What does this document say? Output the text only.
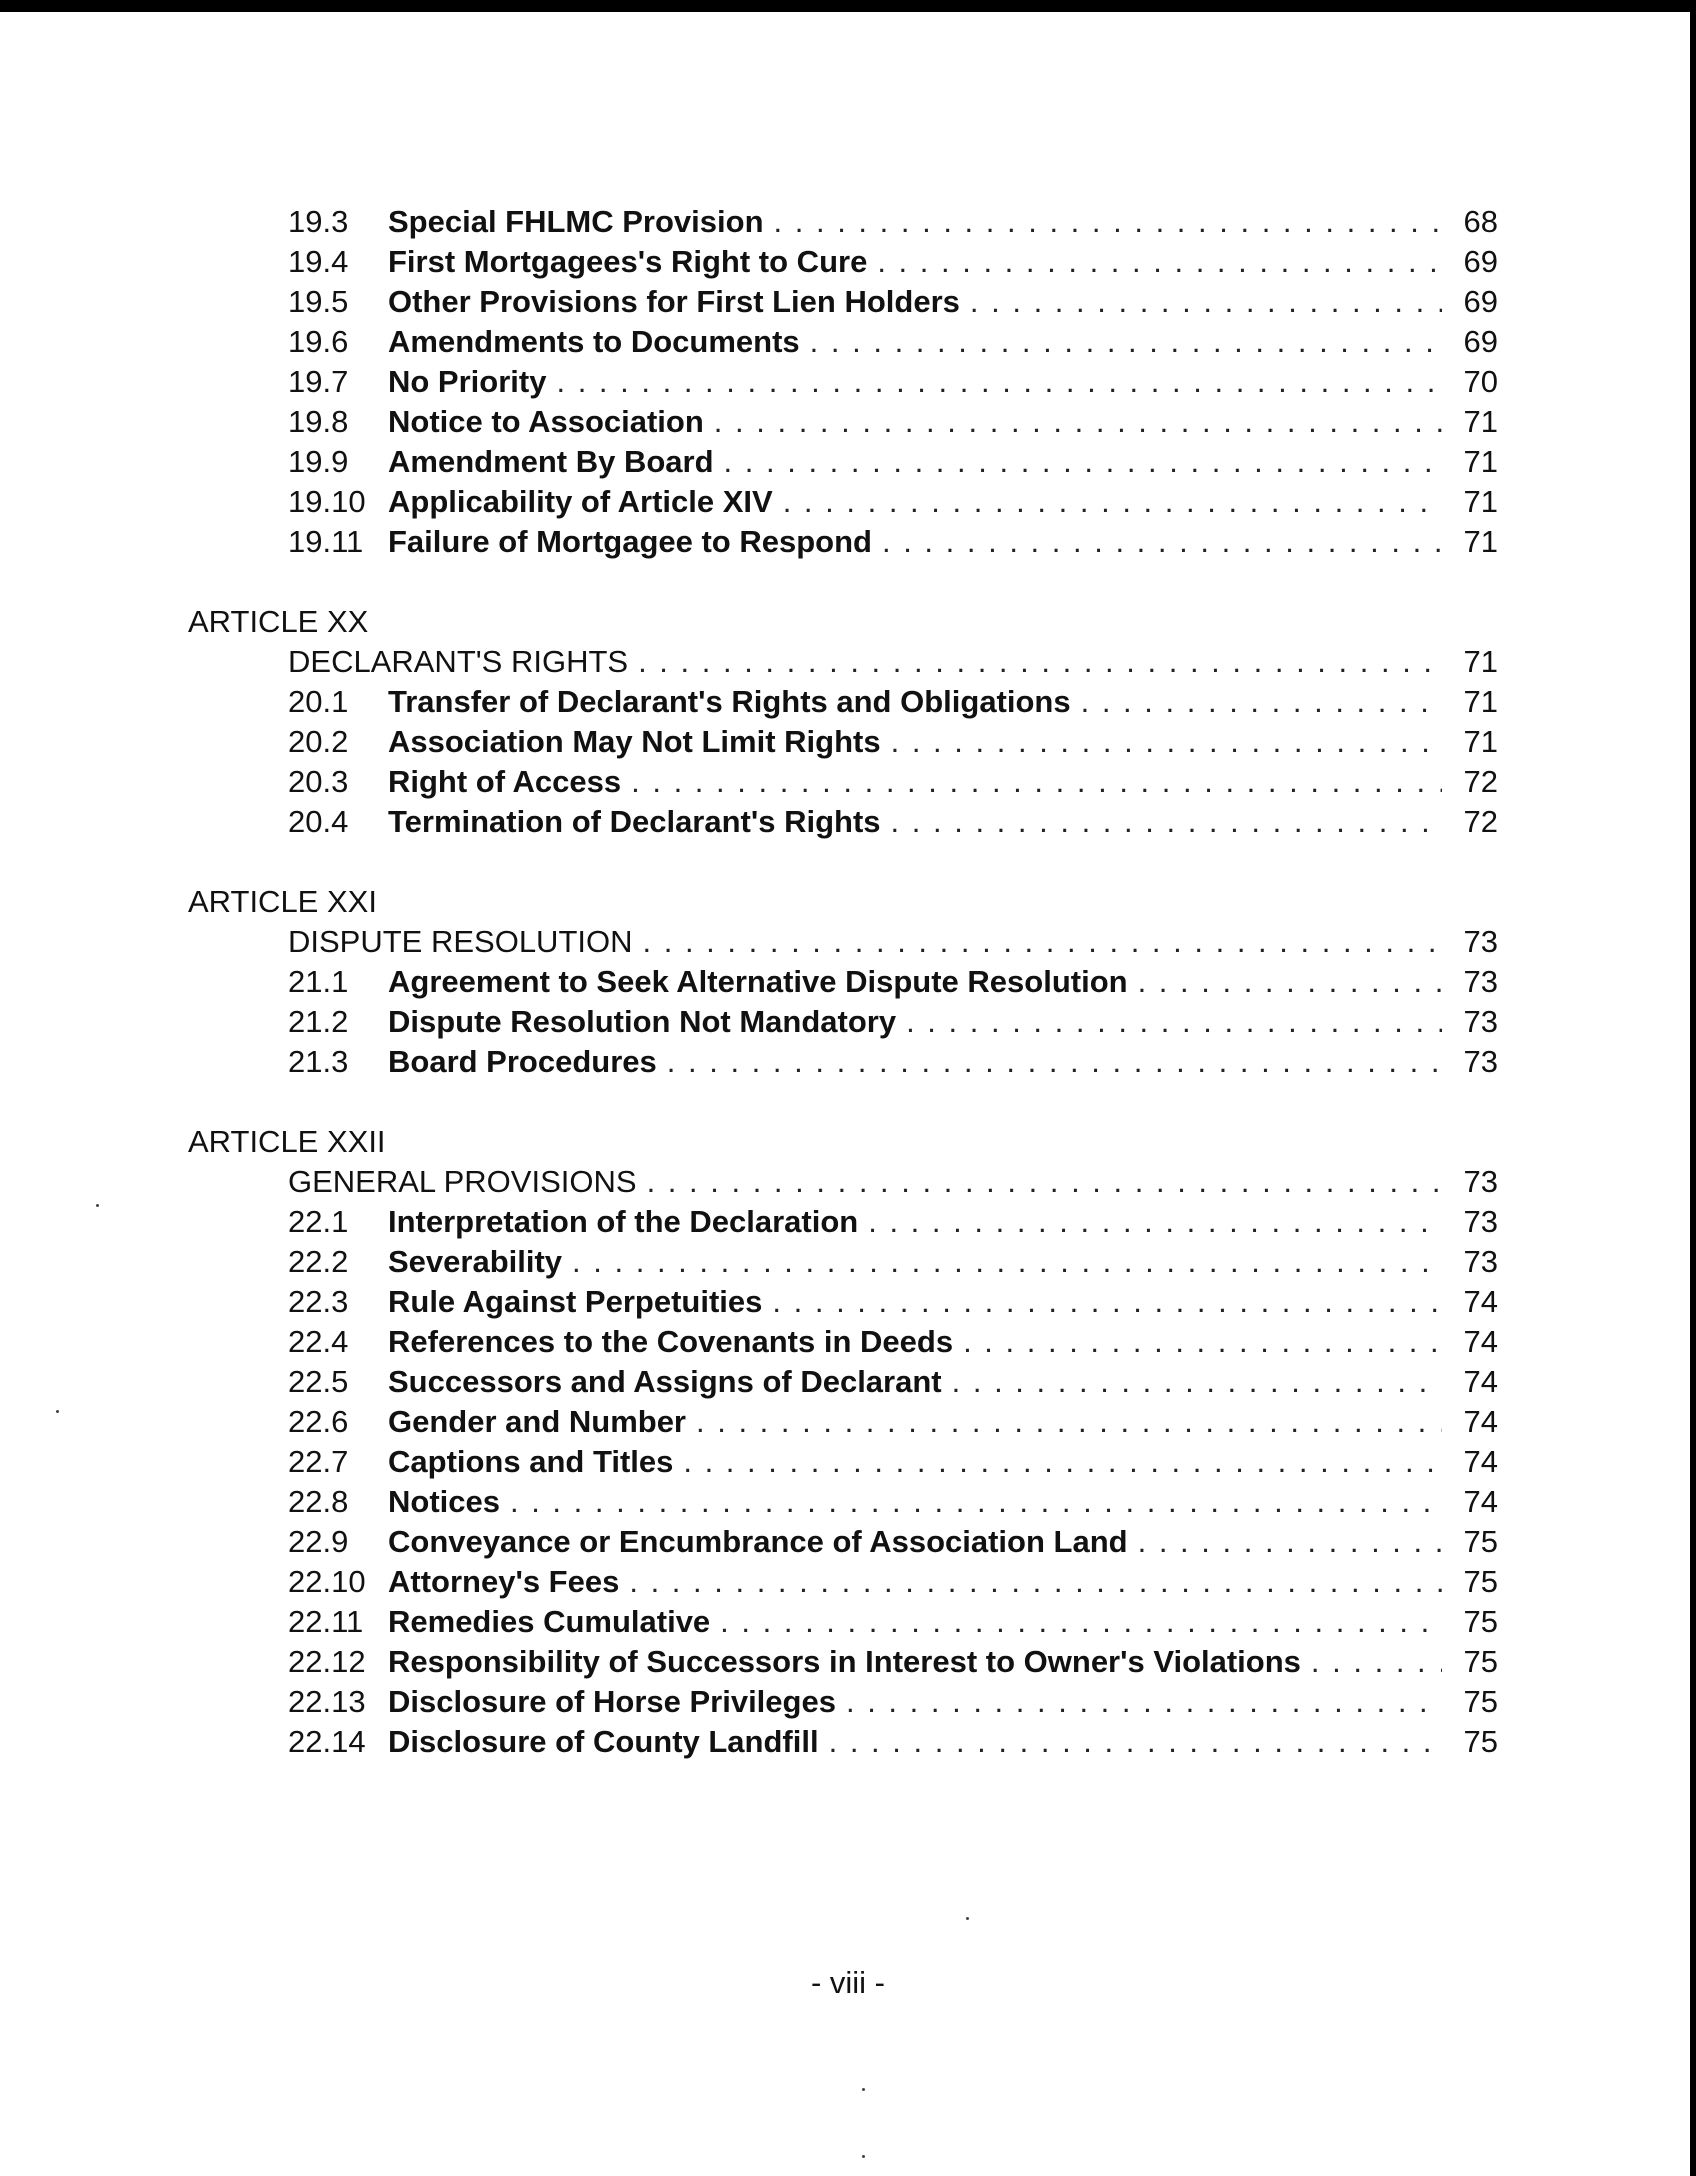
19.3	Special FHLMC Provision . . .	68
19.4	First Mortgagees's Right to Cure . . .	69
19.5	Other Provisions for First Lien Holders . . .	69
19.6	Amendments to Documents . . .	69
19.7	No Priority . . .	70
19.8	Notice to Association . . .	71
19.9	Amendment By Board . . .	71
19.10 Applicability of Article XIV . . .	71
19.11 Failure of Mortgagee to Respond . . .	71
ARTICLE XX
DECLARANT'S RIGHTS . . .	71
20.1	Transfer of Declarant's Rights and Obligations . . .	71
20.2	Association May Not Limit Rights . . .	71
20.3	Right of Access . . .	72
20.4	Termination of Declarant's Rights . . .	72
ARTICLE XXI
DISPUTE RESOLUTION . . .	73
21.1	Agreement to Seek Alternative Dispute Resolution . . .	73
21.2	Dispute Resolution Not Mandatory . . .	73
21.3	Board Procedures . . .	73
ARTICLE XXII
GENERAL PROVISIONS . . .	73
22.1	Interpretation of the Declaration . . .	73
22.2	Severability . . .	73
22.3	Rule Against Perpetuities . . .	74
22.4	References to the Covenants in Deeds . . .	74
22.5	Successors and Assigns of Declarant . . .	74
22.6	Gender and Number . . .	74
22.7	Captions and Titles . . .	74
22.8	Notices . . .	74
22.9	Conveyance or Encumbrance of Association Land . . .	75
22.10 Attorney's Fees . . .	75
22.11 Remedies Cumulative . . .	75
22.12 Responsibility of Successors in Interest to Owner's Violations . . .	75
22.13 Disclosure of Horse Privileges . . .	75
22.14 Disclosure of County Landfill . . .	75
- viii -
